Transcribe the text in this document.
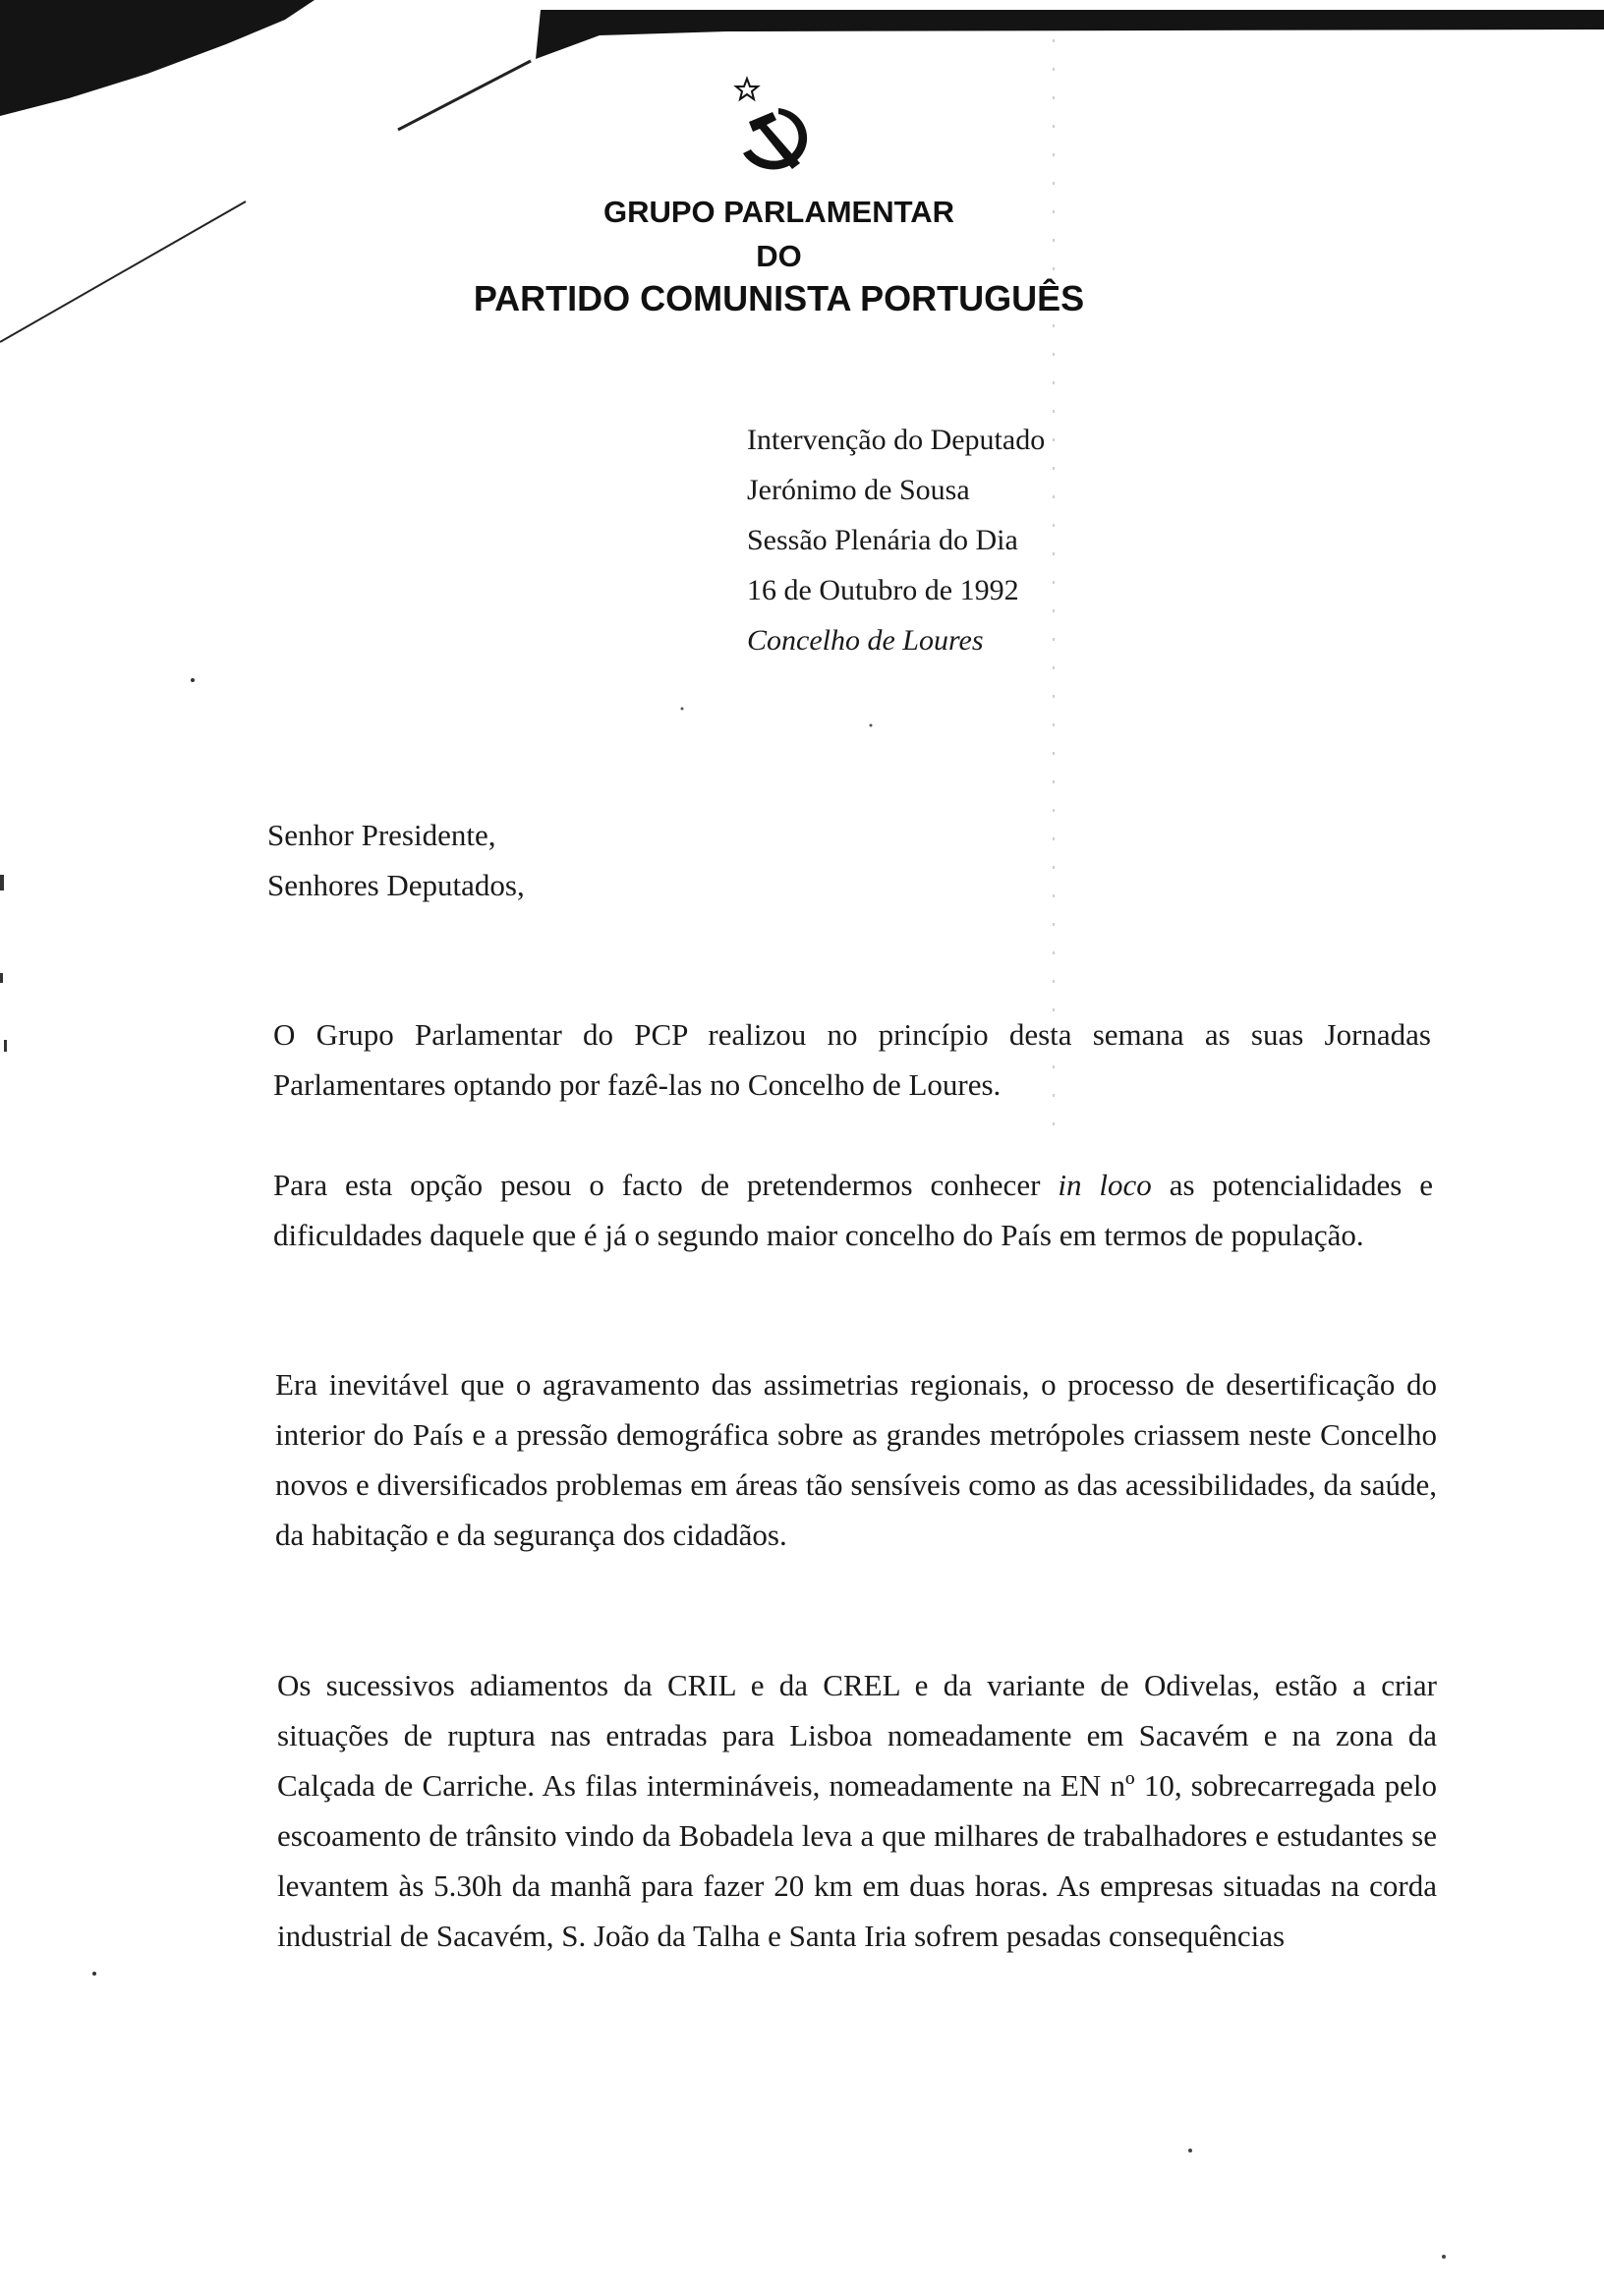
GRUPO PARLAMENTAR

DO

PARTIDO COMUNISTA PORTUGUÊS

Intervenção do Deputado
Jerónimo de Sousa
Sessão Plenária do Dia
16 de Outubro de 1992
Concelho de Loures
Senhor Presidente,
Senhores Deputados,

O Grupo Parlamentar do PCP realizou no princípio desta semana as suas Jornadas Parlamentares optando por fazê-las no Concelho de Loures.

Para esta opção pesou o facto de pretendermos conhecer in loco as potencialidades e dificuldades daquele que é já o segundo maior concelho do País em termos de população.

Era inevitável que o agravamento das assimetrias regionais, o processo de desertificação do interior do País e a pressão demográfica sobre as grandes metrópoles criassem neste Concelho novos e diversificados problemas em áreas tão sensíveis como as das acessibilidades, da saúde, da habitação e da segurança dos cidadãos.

Os sucessivos adiamentos da CRIL e da CREL e da variante de Odivelas, estão a criar situações de ruptura nas entradas para Lisboa nomeadamente em Sacavém e na zona da Calçada de Carriche. As filas intermináveis, nomeadamente na EN nº 10, sobrecarregada pelo escoamento de trânsito vindo da Bobadela leva a que milhares de trabalhadores e estudantes se levantem às 5.30h da manhã para fazer 20 km em duas horas. As empresas situadas na corda industrial de Sacavém, S. João da Talha e Santa Iria sofrem pesadas consequências
